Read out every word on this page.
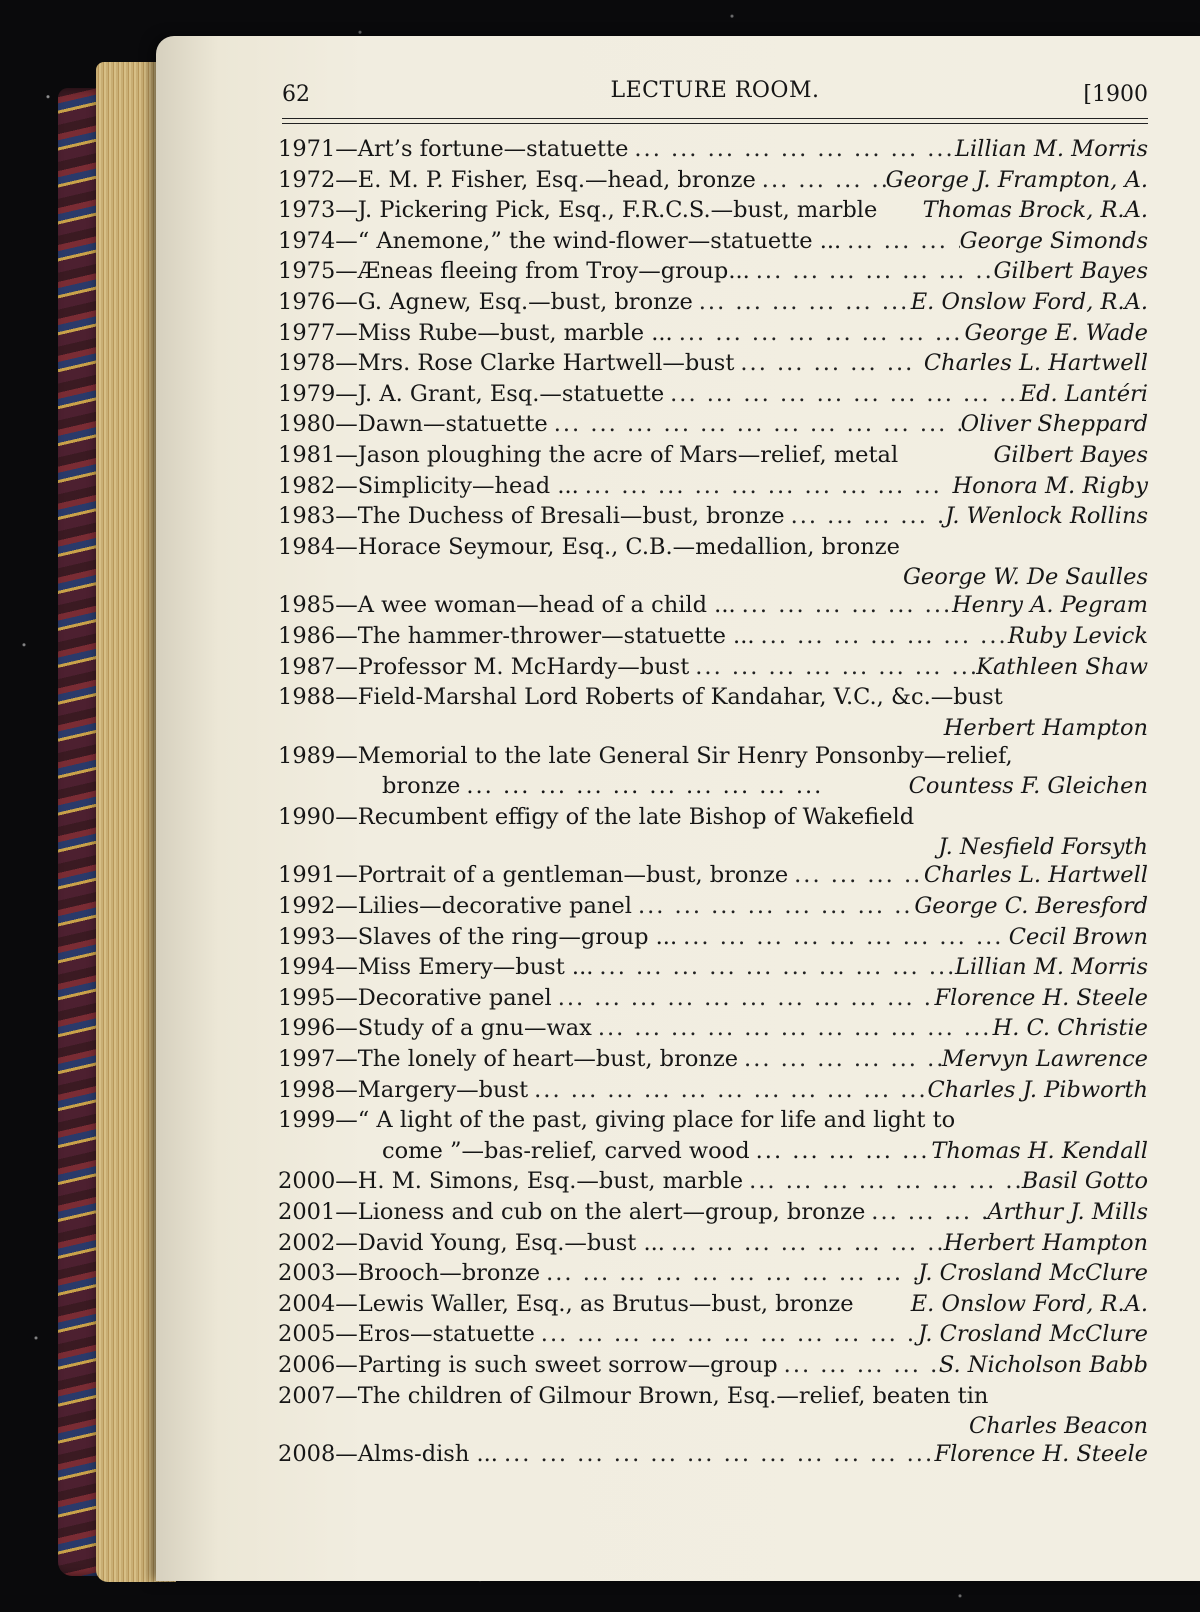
62	LECTURE ROOM.	[1900
1971—Art’s fortune—statuette ...	Lillian M. Morris
1972—E. M. P. Fisher, Esq.—head, bronze ...	George J. Frampton, A.
1973—J. Pickering Pick, Esq., F.R.C.S.—bust, marble Thomas Brock, R.A.
1974—“ Anemone,” the wind-flower—statuette ... ...	George Simonds
1975—Æneas fleeing from Troy—group... ...	Gilbert Bayes
1976—G. Agnew, Esq.—bust, bronze ...	E. Onslow Ford, R.A.
1977—Miss Rube—bust, marble ... ...	George E. Wade
1978—Mrs. Rose Clarke Hartwell—bust ...	Charles L. Hartwell
1979—J. A. Grant, Esq.—statuette ...	Ed. Lantéri
1980—Dawn—statuette ...	Oliver Sheppard
1981—Jason ploughing the acre of Mars—relief, metal	Gilbert Bayes
1982—Simplicity—head ... ...	Honora M. Rigby
1983—The Duchess of Bresali—bust, bronze ...	J. Wenlock Rollins
1984—Horace Seymour, Esq., C.B.—medallion, bronze
George W. De Saulles
1985—A wee woman—head of a child ... ...	Henry A. Pegram
1986—The hammer-thrower—statuette ... ...	Ruby Levick
1987—Professor M. McHardy—bust ...	Kathleen Shaw
1988—Field-Marshal Lord Roberts of Kandahar, V.C., &c.—bust
Herbert Hampton
1989—Memorial to the late General Sir Henry Ponsonby—relief,
bronze ...	Countess F. Gleichen
1990—Recumbent effigy of the late Bishop of Wakefield
J. Nesfield Forsyth
1991—Portrait of a gentleman—bust, bronze ...	Charles L. Hartwell
1992—Lilies—decorative panel ...	George C. Beresford
1993—Slaves of the ring—group ... ...	Cecil Brown
1994—Miss Emery—bust ... ...	Lillian M. Morris
1995—Decorative panel ...	Florence H. Steele
1996—Study of a gnu—wax ...	H. C. Christie
1997—The lonely of heart—bust, bronze ...	Mervyn Lawrence
1998—Margery—bust ...	Charles J. Pibworth
1999—“ A light of the past, giving place for life and light to
come ”—bas-relief, carved wood ...	Thomas H. Kendall
2000—H. M. Simons, Esq.—bust, marble ...	Basil Gotto
2001—Lioness and cub on the alert—group, bronze ...	Arthur J. Mills
2002—David Young, Esq.—bust ... ...	Herbert Hampton
2003—Brooch—bronze ...	J. Crosland McClure
2004—Lewis Waller, Esq., as Brutus—bust, bronze	E. Onslow Ford, R.A.
2005—Eros—statuette ...	J. Crosland McClure
2006—Parting is such sweet sorrow—group ...	S. Nicholson Babb
2007—The children of Gilmour Brown, Esq.—relief, beaten tin
Charles Beacon
2008—Alms-dish ... ...	Florence H. Steele
